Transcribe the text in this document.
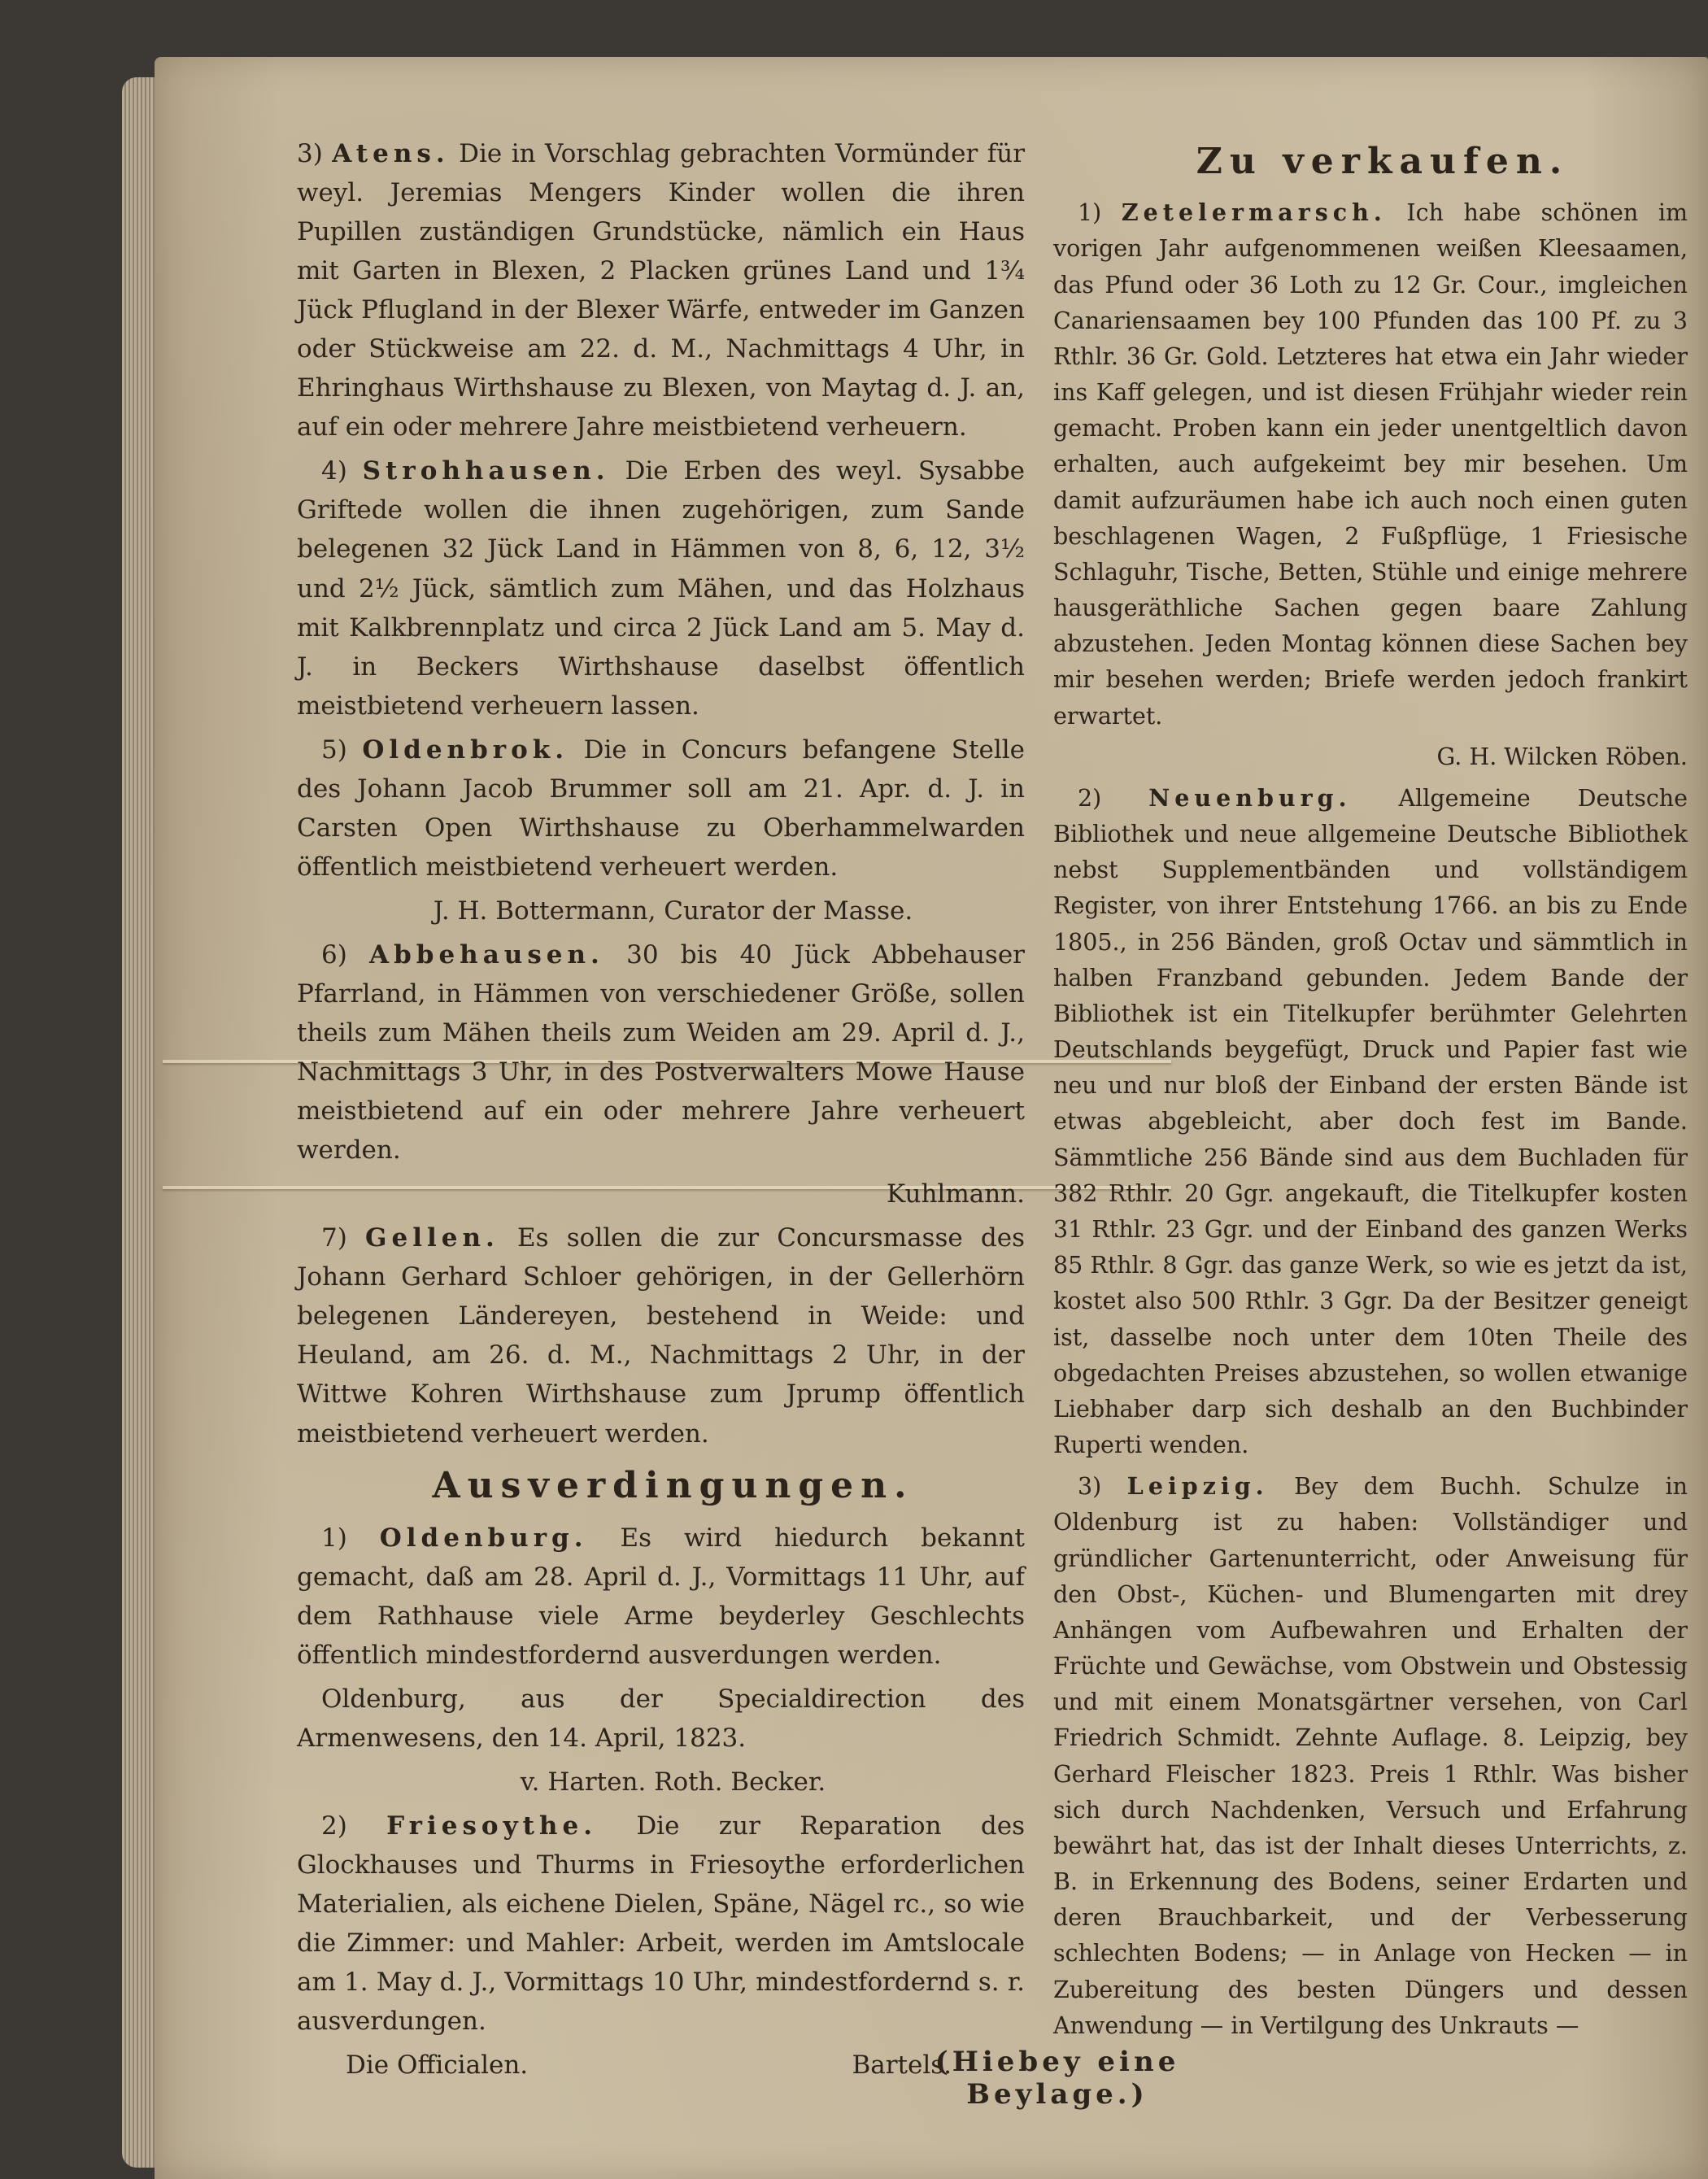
3) Atens. Die in Vorschlag gebrachten Vormünder für weyl. Jeremias Mengers Kinder wollen die ihren Pupillen zuständigen Grundstücke, nämlich ein Haus mit Garten in Blexen, 2 Placken grünes Land und 1¾ Jück Pflugland in der Blexer Wärfe, entweder im Ganzen oder Stückweise am 22. d. M., Nachmittags 4 Uhr, in Ehringhaus Wirthshause zu Blexen, von Maytag d. J. an, auf ein oder mehrere Jahre meistbietend verheuern.

4) Strohhausen. Die Erben des weyl. Sysabbe Griftede wollen die ihnen zugehörigen, zum Sande belegenen 32 Jück Land in Hämmen von 8, 6, 12, 3½ und 2½ Jück, sämtlich zum Mähen, und das Holzhaus mit Kalkbrennplatz und circa 2 Jück Land am 5. May d. J. in Beckers Wirthshause daselbst öffentlich meistbietend verheuern lassen.

5) Oldenbrok. Die in Concurs befangene Stelle des Johann Jacob Brummer soll am 21. Apr. d. J. in Carsten Open Wirthshause zu Oberhammelwarden öffentlich meistbietend verheuert werden.

J. H. Bottermann, Curator der Masse.

6) Abbehausen. 30 bis 40 Jück Abbehauser Pfarrland, in Hämmen von verschiedener Größe, sollen theils zum Mähen theils zum Weiden am 29. April d. J., Nachmittags 3 Uhr, in des Postverwalters Mowe Hause meistbietend auf ein oder mehrere Jahre verheuert werden.

Kuhlmann.

7) Gellen. Es sollen die zur Concursmasse des Johann Gerhard Schloer gehörigen, in der Gellerhörn belegenen Ländereyen, bestehend in Weide: und Heuland, am 26. d. M., Nachmittags 2 Uhr, in der Wittwe Kohren Wirthshause zum Jprump öffentlich meistbietend verheuert werden.

Ausverdingungen.

1) Oldenburg. Es wird hiedurch bekannt gemacht, daß am 28. April d. J., Vormittags 11 Uhr, auf dem Rathhause viele Arme beyderley Geschlechts öffentlich mindestfordernd ausverdungen werden.

Oldenburg, aus der Specialdirection des Armenwesens, den 14. April, 1823.

v. Harten. Roth. Becker.

2) Friesoythe. Die zur Reparation des Glockhauses und Thurms in Friesoythe erforderlichen Materialien, als eichene Dielen, Späne, Nägel rc., so wie die Zimmer: und Mahler: Arbeit, werden im Amtslocale am 1. May d. J., Vormittags 10 Uhr, mindestfordernd s. r. ausverdungen.

Die Officialen.	Bartels.

Zu verkaufen.

1) Zetelermarsch. Ich habe schönen im vorigen Jahr aufgenommenen weißen Kleesaamen, das Pfund oder 36 Loth zu 12 Gr. Cour., imgleichen Canariensaamen bey 100 Pfunden das 100 Pf. zu 3 Rthlr. 36 Gr. Gold. Letzteres hat etwa ein Jahr wieder ins Kaff gelegen, und ist diesen Frühjahr wieder rein gemacht. Proben kann ein jeder unentgeltlich davon erhalten, auch aufgekeimt bey mir besehen. Um damit aufzuräumen habe ich auch noch einen guten beschlagenen Wagen, 2 Fußpflüge, 1 Friesische Schlaguhr, Tische, Betten, Stühle und einige mehrere hausgeräthliche Sachen gegen baare Zahlung abzustehen. Jeden Montag können diese Sachen bey mir besehen werden; Briefe werden jedoch frankirt erwartet.

G. H. Wilcken Röben.

2) Neuenburg. Allgemeine Deutsche Bibliothek und neue allgemeine Deutsche Bibliothek nebst Supplementbänden und vollständigem Register, von ihrer Entstehung 1766. an bis zu Ende 1805., in 256 Bänden, groß Octav und sämmtlich in halben Franzband gebunden. Jedem Bande der Bibliothek ist ein Titelkupfer berühmter Gelehrten Deutschlands beygefügt, Druck und Papier fast wie neu und nur bloß der Einband der ersten Bände ist etwas abgebleicht, aber doch fest im Bande. Sämmtliche 256 Bände sind aus dem Buchladen für 382 Rthlr. 20 Ggr. angekauft, die Titelkupfer kosten 31 Rthlr. 23 Ggr. und der Einband des ganzen Werks 85 Rthlr. 8 Ggr. das ganze Werk, so wie es jetzt da ist, kostet also 500 Rthlr. 3 Ggr. Da der Besitzer geneigt ist, dasselbe noch unter dem 10ten Theile des obgedachten Preises abzustehen, so wollen etwanige Liebhaber darp sich deshalb an den Buchbinder Ruperti wenden.

3) Leipzig. Bey dem Buchh. Schulze in Oldenburg ist zu haben: Vollständiger und gründlicher Gartenunterricht, oder Anweisung für den Obst-, Küchen- und Blumengarten mit drey Anhängen vom Aufbewahren und Erhalten der Früchte und Gewächse, vom Obstwein und Obstessig und mit einem Monatsgärtner versehen, von Carl Friedrich Schmidt. Zehnte Auflage. 8. Leipzig, bey Gerhard Fleischer 1823. Preis 1 Rthlr. Was bisher sich durch Nachdenken, Versuch und Erfahrung bewährt hat, das ist der Inhalt dieses Unterrichts, z. B. in Erkennung des Bodens, seiner Erdarten und deren Brauchbarkeit, und der Verbesserung schlechten Bodens; — in Anlage von Hecken — in Zubereitung des besten Düngers und dessen Anwendung — in Vertilgung des Unkrauts —

(Hiebey eine Beylage.)
